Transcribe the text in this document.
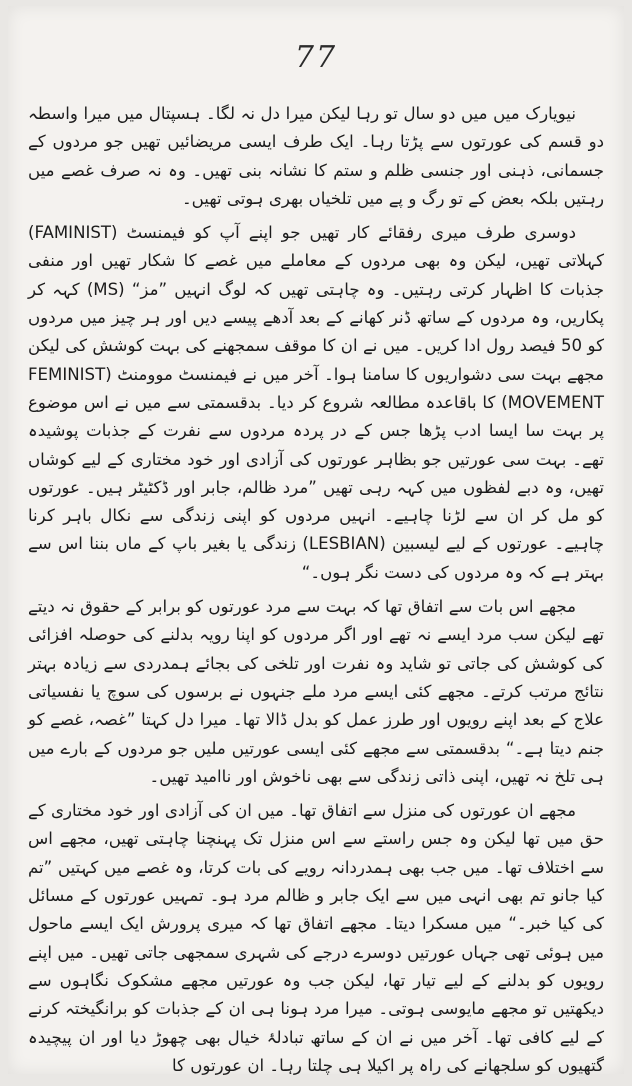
77

نیویارک میں میں دو سال تو رہا لیکن میرا دل نہ لگا۔ ہسپتال میں میرا واسطہ دو قسم کی عورتوں سے پڑتا رہا۔ ایک طرف ایسی مریضائیں تھیں جو مردوں کے جسمانی، ذہنی اور جنسی ظلم و ستم کا نشانہ بنی تھیں۔ وہ نہ صرف غصے میں رہتیں بلکہ بعض کے تو رگ و پے میں تلخیاں بھری ہوتی تھیں۔

دوسری طرف میری رفقائے کار تھیں جو اپنے آپ کو فیمنسٹ (FAMINIST) کہلاتی تھیں، لیکن وہ بھی مردوں کے معاملے میں غصے کا شکار تھیں اور منفی جذبات کا اظہار کرتی رہتیں۔ وہ چاہتی تھیں کہ لوگ انہیں ”مز“ (MS) کہہ کر پکاریں، وہ مردوں کے ساتھ ڈنر کھانے کے بعد آدھے پیسے دیں اور ہر چیز میں مردوں کو 50 فیصد رول ادا کریں۔ میں نے ان کا موقف سمجھنے کی بہت کوشش کی لیکن مجھے بہت سی دشواریوں کا سامنا ہوا۔ آخر میں نے فیمنسٹ موومنٹ (FEMINIST MOVEMENT) کا باقاعدہ مطالعہ شروع کر دیا۔ بدقسمتی سے میں نے اس موضوع پر بہت سا ایسا ادب پڑھا جس کے در پردہ مردوں سے نفرت کے جذبات پوشیدہ تھے۔ بہت سی عورتیں جو بظاہر عورتوں کی آزادی اور خود مختاری کے لیے کوشاں تھیں، وہ دبے لفظوں میں کہہ رہی تھیں ”مرد ظالم، جابر اور ڈکٹیٹر ہیں۔ عورتوں کو مل کر ان سے لڑنا چاہیے۔ انہیں مردوں کو اپنی زندگی سے نکال باہر کرنا چاہیے۔ عورتوں کے لیے لیسبین (LESBIAN) زندگی یا بغیر باپ کے ماں بننا اس سے بہتر ہے کہ وہ مردوں کی دست نگر ہوں۔“

مجھے اس بات سے اتفاق تھا کہ بہت سے مرد عورتوں کو برابر کے حقوق نہ دیتے تھے لیکن سب مرد ایسے نہ تھے اور اگر مردوں کو اپنا رویہ بدلنے کی حوصلہ افزائی کی کوشش کی جاتی تو شاید وہ نفرت اور تلخی کی بجائے ہمدردی سے زیادہ بہتر نتائج مرتب کرتے۔ مجھے کئی ایسے مرد ملے جنہوں نے برسوں کی سوچ یا نفسیاتی علاج کے بعد اپنے رویوں اور طرز عمل کو بدل ڈالا تھا۔ میرا دل کہتا ”غصہ، غصے کو جنم دیتا ہے۔“ بدقسمتی سے مجھے کئی ایسی عورتیں ملیں جو مردوں کے بارے میں ہی تلخ نہ تھیں، اپنی ذاتی زندگی سے بھی ناخوش اور ناامید تھیں۔

مجھے ان عورتوں کی منزل سے اتفاق تھا۔ میں ان کی آزادی اور خود مختاری کے حق میں تھا لیکن وہ جس راستے سے اس منزل تک پہنچنا چاہتی تھیں، مجھے اس سے اختلاف تھا۔ میں جب بھی ہمدردانہ رویے کی بات کرتا، وہ غصے میں کہتیں ”تم کیا جانو تم بھی انہی میں سے ایک جابر و ظالم مرد ہو۔ تمہیں عورتوں کے مسائل کی کیا خبر۔“ میں مسکرا دیتا۔ مجھے اتفاق تھا کہ میری پرورش ایک ایسے ماحول میں ہوئی تھی جہاں عورتیں دوسرے درجے کی شہری سمجھی جاتی تھیں۔ میں اپنے رویوں کو بدلنے کے لیے تیار تھا، لیکن جب وہ عورتیں مجھے مشکوک نگاہوں سے دیکھتیں تو مجھے مایوسی ہوتی۔ میرا مرد ہونا ہی ان کے جذبات کو برانگیختہ کرنے کے لیے کافی تھا۔ آخر میں نے ان کے ساتھ تبادلۂ خیال بھی چھوڑ دیا اور ان پیچیدہ گتھیوں کو سلجھانے کی راہ پر اکیلا ہی چلتا رہا۔ ان عورتوں کا
